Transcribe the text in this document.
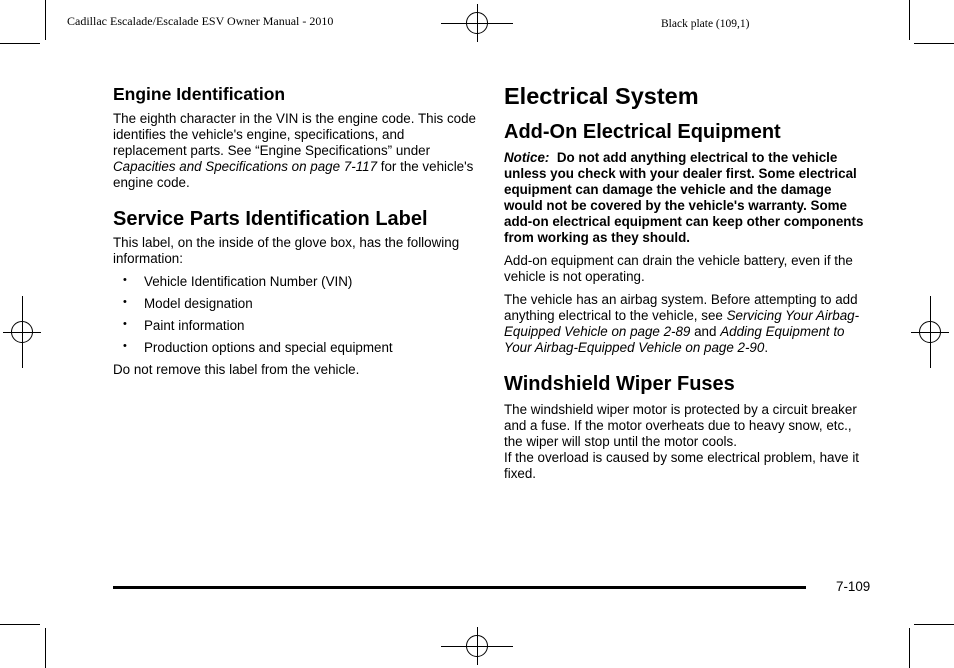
Cadillac Escalade/Escalade ESV Owner Manual - 2010	Black plate (109,1)
Engine Identification

The eighth character in the VIN is the engine code. This code identifies the vehicle's engine, specifications, and replacement parts. See “Engine Specifications” under Capacities and Specifications on page 7‑117 for the vehicle's engine code.

Service Parts Identification Label

This label, on the inside of the glove box, has the following information:

• Vehicle Identification Number (VIN)
• Model designation
• Paint information
• Production options and special equipment

Do not remove this label from the vehicle.

Electrical System
Add-On Electrical Equipment

Notice: Do not add anything electrical to the vehicle unless you check with your dealer first. Some electrical equipment can damage the vehicle and the damage would not be covered by the vehicle's warranty. Some add-on electrical equipment can keep other components from working as they should.

Add-on equipment can drain the vehicle battery, even if the vehicle is not operating.

The vehicle has an airbag system. Before attempting to add anything electrical to the vehicle, see Servicing Your Airbag-Equipped Vehicle on page 2‑89 and Adding Equipment to Your Airbag-Equipped Vehicle on page 2‑90.

Windshield Wiper Fuses

The windshield wiper motor is protected by a circuit breaker and a fuse. If the motor overheats due to heavy snow, etc., the wiper will stop until the motor cools.

If the overload is caused by some electrical problem, have it fixed.

7-109
